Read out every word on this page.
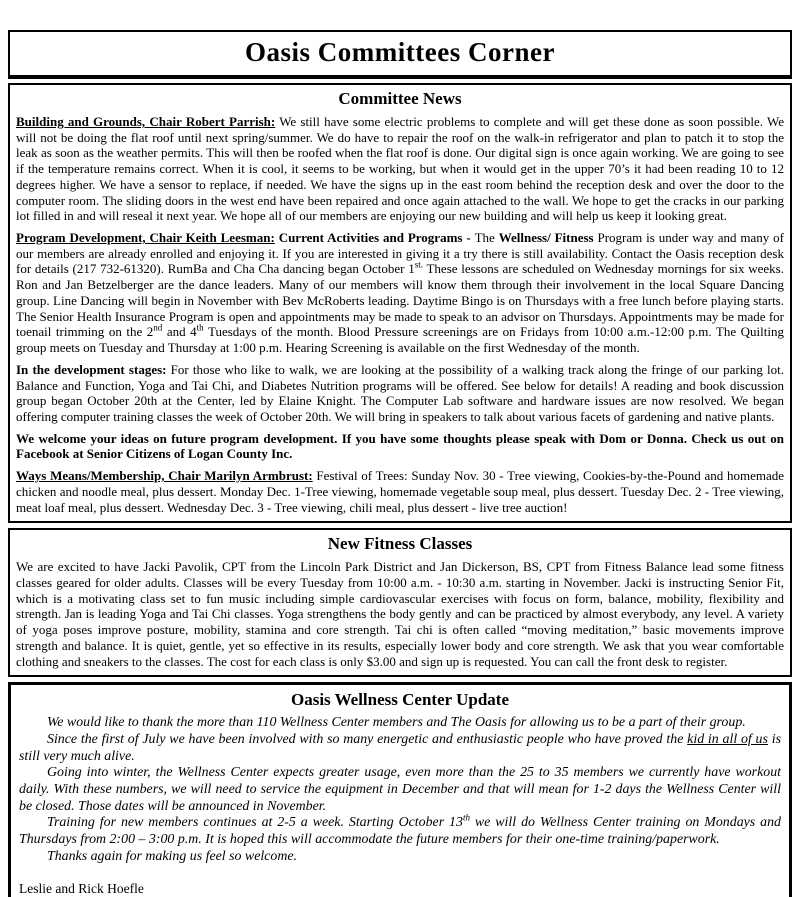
Oasis Committees Corner
Committee News

Building and Grounds, Chair Robert Parrish: We still have some electric problems to complete and will get these done as soon possible. We will not be doing the flat roof until next spring/summer. We do have to repair the roof on the walk-in refrigerator and plan to patch it to stop the leak as soon as the weather permits. This will then be roofed when the flat roof is done. Our digital sign is once again working. We are going to see if the temperature remains correct. When it is cool, it seems to be working, but when it would get in the upper 70’s it had been reading 10 to 12 degrees higher. We have a sensor to replace, if needed. We have the signs up in the east room behind the reception desk and over the door to the computer room. The sliding doors in the west end have been repaired and once again attached to the wall. We hope to get the cracks in our parking lot filled in and will reseal it next year. We hope all of our members are enjoying our new building and will help us keep it looking great.

Program Development, Chair Keith Leesman: Current Activities and Programs - The Wellness/ Fitness Program is under way and many of our members are already enrolled and enjoying it. If you are interested in giving it a try there is still availability. Contact the Oasis reception desk for details (217 732-61320). RumBa and Cha Cha dancing began October $1^{st.}$ These lessons are scheduled on Wednesday mornings for six weeks. Ron and Jan Betzelberger are the dance leaders. Many of our members will know them through their involvement in the local Square Dancing group. Line Dancing will begin in November with Bev McRoberts leading. Daytime Bingo is on Thursdays with a free lunch before playing starts. The Senior Health Insurance Program is open and appointments may be made to speak to an advisor on Thursdays. Appointments may be made for toenail trimming on the 2nd and 4th Tuesdays of the month. Blood Pressure screenings are on Fridays from 10:00 a.m.-12:00 p.m. The Quilting group meets on Tuesday and Thursday at 1:00 p.m. Hearing Screening is available on the first Wednesday of the month.

In the development stages: For those who like to walk, we are looking at the possibility of a walking track along the fringe of our parking lot. Balance and Function, Yoga and Tai Chi, and Diabetes Nutrition programs will be offered. See below for details! A reading and book discussion group began October 20th at the Center, led by Elaine Knight. The Computer Lab software and hardware issues are now resolved. We began offering computer training classes the week of October 20th. We will bring in speakers to talk about various facets of gardening and native plants.

We welcome your ideas on future program development. If you have some thoughts please speak with Dom or Donna. Check us out on Facebook at Senior Citizens of Logan County Inc.

Ways Means/Membership, Chair Marilyn Armbrust: Festival of Trees: Sunday Nov. 30 - Tree viewing, Cookies-by-the-Pound and homemade chicken and noodle meal, plus dessert. Monday Dec. 1-Tree viewing, homemade vegetable soup meal, plus dessert. Tuesday Dec. 2 - Tree viewing, meat loaf meal, plus dessert. Wednesday Dec. 3 - Tree viewing, chili meal, plus dessert - live tree auction!

New Fitness Classes

We are excited to have Jacki Pavolik, CPT from the Lincoln Park District and Jan Dickerson, BS, CPT from Fitness Balance lead some fitness classes geared for older adults. Classes will be every Tuesday from 10:00 a.m. - 10:30 a.m. starting in November. Jacki is instructing Senior Fit, which is a motivating class set to fun music including simple cardiovascular exercises with focus on form, balance, mobility, flexibility and strength. Jan is leading Yoga and Tai Chi classes. Yoga strengthens the body gently and can be practiced by almost everybody, any level. A variety of yoga poses improve posture, mobility, stamina and core strength. Tai chi is often called “moving meditation,” basic movements improve strength and balance. It is quiet, gentle, yet so effective in its results, especially lower body and core strength. We ask that you wear comfortable clothing and sneakers to the classes. The cost for each class is only $3.00 and sign up is requested. You can call the front desk to register.

Oasis Wellness Center Update

We would like to thank the more than 110 Wellness Center members and The Oasis for allowing us to be a part of their group.

Since the first of July we have been involved with so many energetic and enthusiastic people who have proved the kid in all of us is still very much alive.

Going into winter, the Wellness Center expects greater usage, even more than the 25 to 35 members we currently have workout daily. With these numbers, we will need to service the equipment in December and that will mean for 1-2 days the Wellness Center will be closed. Those dates will be announced in November.

Training for new members continues at 2-5 a week. Starting October 13th we will do Wellness Center training on Mondays and Thursdays from 2:00 – 3:00 p.m. It is hoped this will accommodate the future members for their one-time training/paperwork.

Thanks again for making us feel so welcome.

Leslie and Rick Hoefle
